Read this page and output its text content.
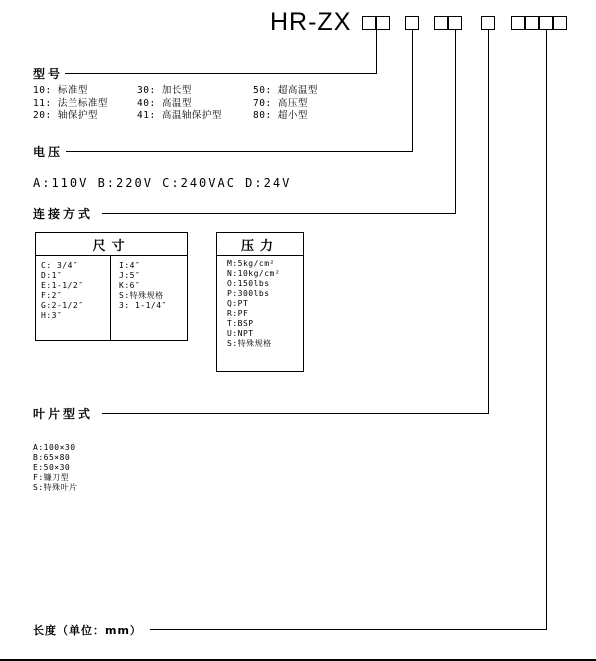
HR-ZX
型号
10: 标准型
11: 法兰标准型
20: 轴保护型
30: 加长型
40: 高温型
41: 高温轴保护型
50: 超高温型
70: 高压型
80: 超小型
电压
A:110V B:220V C:240VAC D:24V
连接方式
尺寸
C: 3/4″
D:1″
E:1-1/2″
F:2″
G:2-1/2″
H:3″
I:4″
J:5″
K:6″
S:特殊规格
3: 1-1/4″
压力
M:5kg/cm²
N:10kg/cm²
O:150lbs
P:300lbs
Q:PT
R:PF
T:BSP
U:NPT
S:特殊规格
叶片型式
A:100×30
B:65×80
E:50×30
F:镰刀型
S:特殊叶片
长度（单位：mm）
